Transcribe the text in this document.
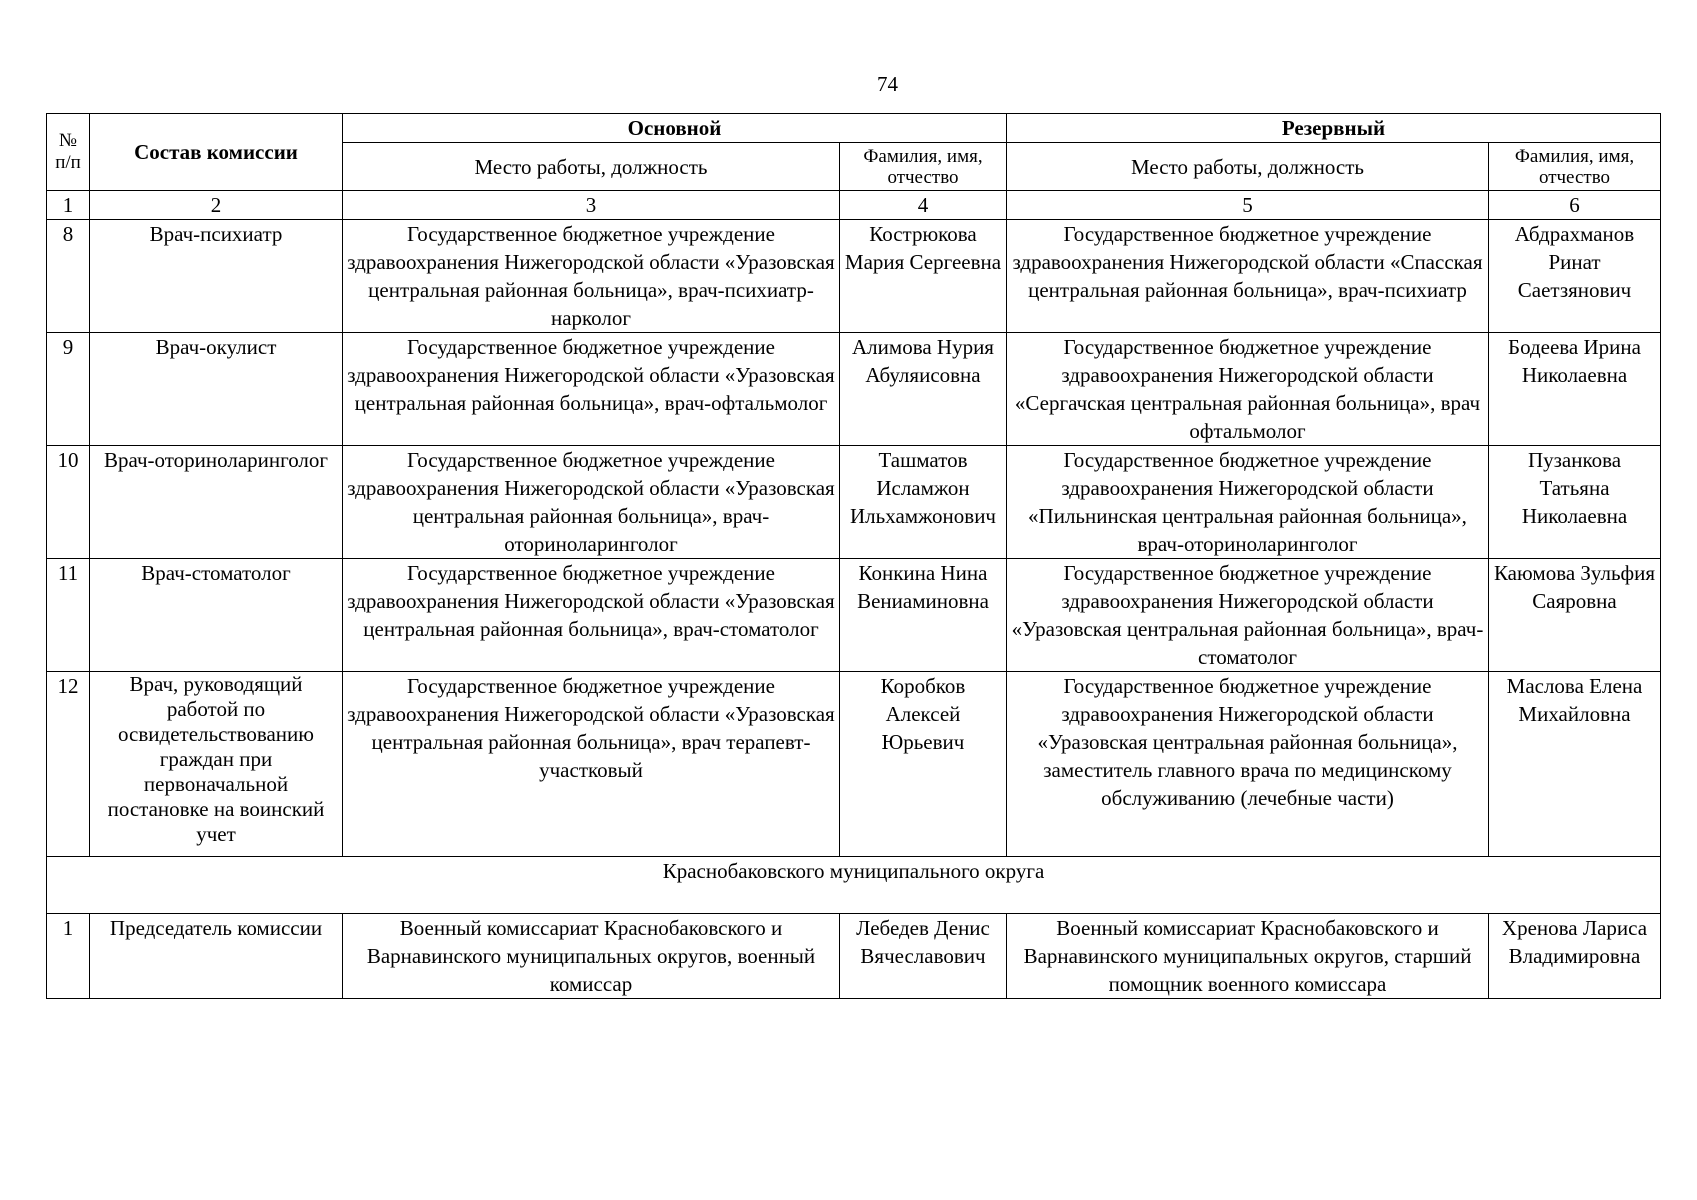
74
№ п/п	Состав комиссии	Основной		Резервный	
		Место работы, должность	Фамилия, имя, отчество	Место работы, должность	Фамилия, имя, отчество
1	2	3	4	5	6
8	Врач-психиатр	Государственное бюджетное учреждение здравоохранения Нижегородской области «Уразовская центральная районная больница», врач-психиатр-нарколог	Кострюкова Мария Сергеевна	Государственное бюджетное учреждение здравоохранения Нижегородской области «Спасская центральная районная больница», врач-психиатр	Абдрахманов Ринат Саетзянович
9	Врач-окулист	Государственное бюджетное учреждение здравоохранения Нижегородской области «Уразовская центральная районная больница», врач-офтальмолог	Алимова Нурия Абуляисовна	Государственное бюджетное учреждение здравоохранения Нижегородской области «Сергачская центральная районная больница», врач офтальмолог	Бодеева Ирина Николаевна
10	Врач-оториноларинголог	Государственное бюджетное учреждение здравоохранения Нижегородской области «Уразовская центральная районная больница», врач-оториноларинголог	Ташматов Исламжон Ильхамжонович	Государственное бюджетное учреждение здравоохранения Нижегородской области «Пильнинская центральная районная больница», врач-оториноларинголог	Пузанкова Татьяна Николаевна
11	Врач-стоматолог	Государственное бюджетное учреждение здравоохранения Нижегородской области «Уразовская центральная районная больница», врач-стоматолог	Конкина Нина Вениаминовна	Государственное бюджетное учреждение здравоохранения Нижегородской области «Уразовская центральная районная больница», врач-стоматолог	Каюмова Зульфия Саяровна
12	Врач, руководящий работой по освидетельствованию граждан при первоначальной постановке на воинский учет	Государственное бюджетное учреждение здравоохранения Нижегородской области «Уразовская центральная районная больница», врач терапевт-участковый	Коробков Алексей Юрьевич	Государственное бюджетное учреждение здравоохранения Нижегородской области «Уразовская центральная районная больница», заместитель главного врача по медицинскому обслуживанию (лечебные части)	Маслова Елена Михайловна
Краснобаковского муниципального округа					
1	Председатель комиссии	Военный комиссариат Краснобаковского и Варнавинского муниципальных округов, военный комиссар	Лебедев Денис Вячеславович	Военный комиссариат Краснобаковского и Варнавинского муниципальных округов, старший помощник военного комиссара	Хренова Лариса Владимировна
